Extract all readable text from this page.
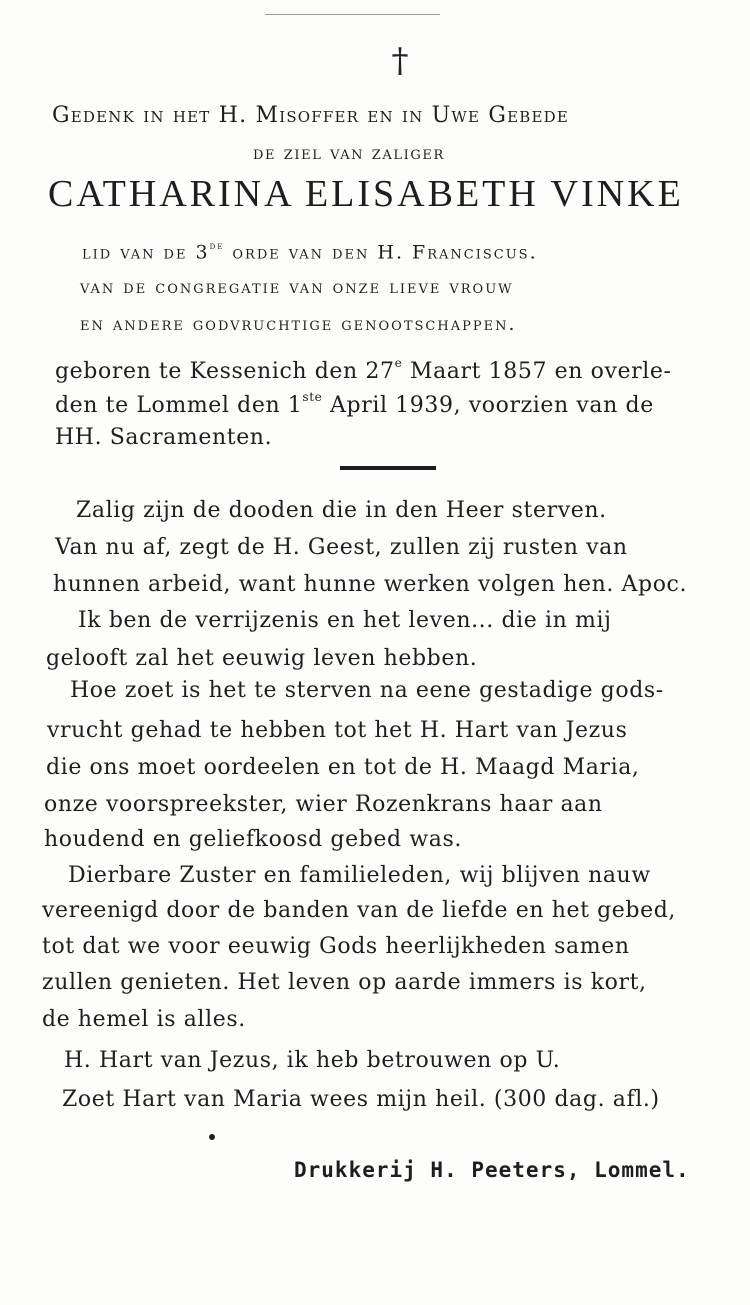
†
Gedenk in het H. Misoffer en in Uwe Gebede
de ziel van zaliger
CATHARINA ELISABETH VINKE
lid van de 3de orde van den H. Franciscus.
van de congregatie van onze lieve vrouw
en andere godvruchtige genootschappen.
geboren te Kessenich den 27e Maart 1857 en overle-
den te Lommel den 1ste April 1939, voorzien van de
HH. Sacramenten.
Zalig zijn de dooden die in den Heer sterven.
Van nu af, zegt de H. Geest, zullen zij rusten van
hunnen arbeid, want hunne werken volgen hen. Apoc.
Ik ben de verrijzenis en het leven... die in mij
gelooft zal het eeuwig leven hebben.
Hoe zoet is het te sterven na eene gestadige gods-
vrucht gehad te hebben tot het H. Hart van Jezus
die ons moet oordeelen en tot de H. Maagd Maria,
onze voorspreekster, wier Rozenkrans haar aan
houdend en geliefkoosd gebed was.
Dierbare Zuster en familieleden, wij blijven nauw
vereenigd door de banden van de liefde en het gebed,
tot dat we voor eeuwig Gods heerlijkheden samen
zullen genieten. Het leven op aarde immers is kort,
de hemel is alles.
H. Hart van Jezus, ik heb betrouwen op U.
Zoet Hart van Maria wees mijn heil. (300 dag. afl.)
Drukkerij H. Peeters, Lommel.
